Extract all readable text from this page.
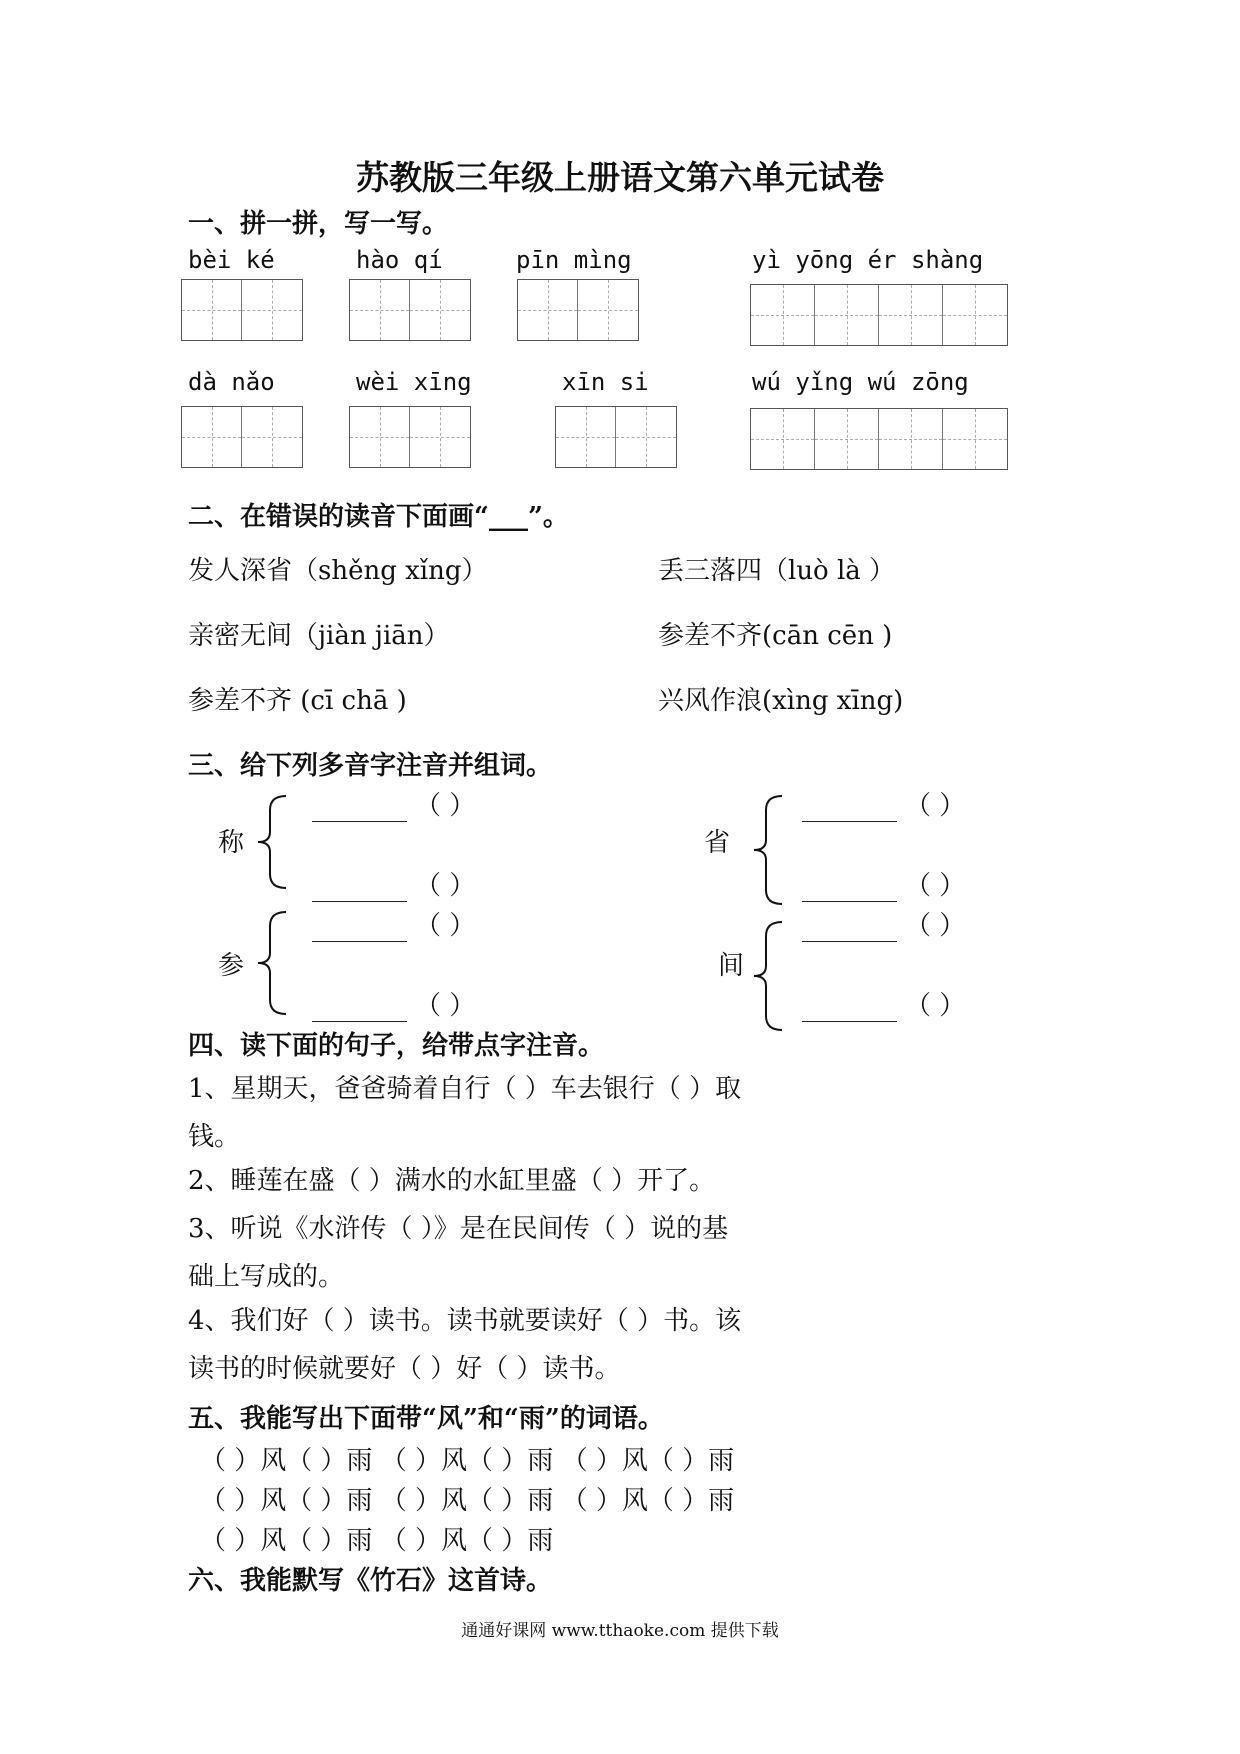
苏教版三年级上册语文第六单元试卷
一、拼一拼，写一写。
bèi ké	hào qí	pīn mìng	yì yōng ér shàng
dà nǎo	wèi xīng	xīn si	wú yǐng wú zōng
二、在错误的读音下面画“___”。
发人深省（shěng xǐng）	丢三落四（luò là ）
亲密无间（jiàn jiān）	参差不齐(cān cēn )
参差不齐 (cī chā )	兴风作浪(xìng xīng)
三、给下列多音字注音并组词。
称
（ ）
（ ）
省
（ ）
（ ）
参
（ ）
（ ）
间
（ ）
（ ）
四、读下面的句子，给带点字注音。
1、星期天，爸爸骑着自行（ ）车去银行（ ）取
钱。
2、睡莲在盛（ ）满水的水缸里盛（ ）开了。
3、听说《水浒传（ ）》是在民间传（ ）说的基
础上写成的。
4、我们好（ ）读书。读书就要读好（ ）书。该
读书的时候就要好（ ）好（ ）读书。
五、我能写出下面带“风”和“雨”的词语。
（ ）风（ ）雨 （ ）风（ ）雨 （ ）风（ ）雨
（ ）风（ ）雨 （ ）风（ ）雨 （ ）风（ ）雨
（ ）风（ ）雨 （ ）风（ ）雨
六、我能默写《竹石》这首诗。
通通好课网 www.tthaoke.com 提供下载
